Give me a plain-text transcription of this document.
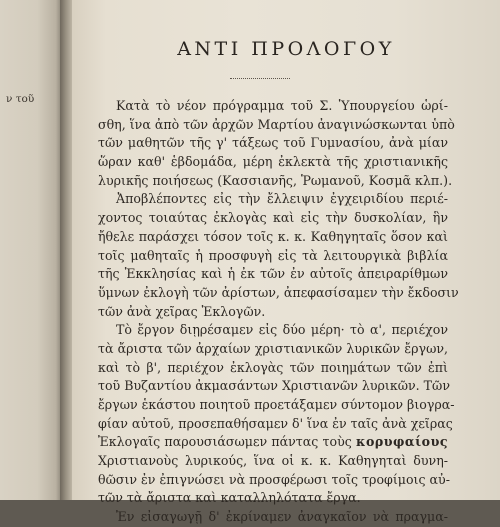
ν τοῦ
ΑΝΤΙ ΠΡΟΛΟΓΟΥ
Κατὰ τὸ νέον πρόγραμμα τοῦ Σ. Ὑπουργείου ὡρί-
σθη, ἵνα ἀπὸ τῶν ἀρχῶν Μαρτίου ἀναγινώσκωνται ὑπὸ
τῶν μαθητῶν τῆς γ' τάξεως τοῦ Γυμνασίου, ἀνὰ μίαν
ὥραν καθ' ἑβδομάδα, μέρη ἐκλεκτὰ τῆς χριστιανικῆς
λυρικῆς ποιήσεως (Κασσιανῆς, Ῥωμανοῦ, Κοσμᾶ κλπ.).
Ἀποβλέποντες εἰς τὴν ἔλλειψιν ἐγχειριδίου περιέ-
χοντος τοιαύτας ἐκλογὰς καὶ εἰς τὴν δυσκολίαν, ἣν
ἤθελε παράσχει τόσον τοῖς κ. κ. Καθηγηταῖς ὅσον καὶ
τοῖς μαθηταῖς ἡ προσφυγὴ εἰς τὰ λειτουργικὰ βιβλία
τῆς Ἐκκλησίας καὶ ἡ ἐκ τῶν ἐν αὐτοῖς ἀπειραρίθμων
ὕμνων ἐκλογὴ τῶν ἀρίστων, ἀπεφασίσαμεν τὴν ἔκδοσιν
τῶν ἀνὰ χεῖρας Ἐκλογῶν.
Τὸ ἔργον διῃρέσαμεν εἰς δύο μέρη· τὸ α', περιέχον
τὰ ἄριστα τῶν ἀρχαίων χριστιανικῶν λυρικῶν ἔργων,
καὶ τὸ β', περιέχον ἐκλογὰς τῶν ποιημάτων τῶν ἐπὶ
τοῦ Βυζαντίου ἀκμασάντων Χριστιανῶν λυρικῶν. Τῶν
ἔργων ἑκάστου ποιητοῦ προετάξαμεν σύντομον βιογρα-
φίαν αὐτοῦ, προσεπαθήσαμεν δ' ἵνα ἐν ταῖς ἀνὰ χεῖρας
Ἐκλογαῖς παρουσιάσωμεν πάντας τοὺς κορυφαίους
Χριστιανοὺς λυρικούς, ἵνα οἱ κ. κ. Καθηγηταὶ δυνη-
θῶσιν ἐν ἐπιγνώσει νὰ προσφέρωσι τοῖς τροφίμοις αὐ-
τῶν τὰ ἄριστα καὶ καταλληλότατα ἔργα.
Ἐν εἰσαγωγῇ δ' ἐκρίναμεν ἀναγκαῖον νὰ πραγμα-
